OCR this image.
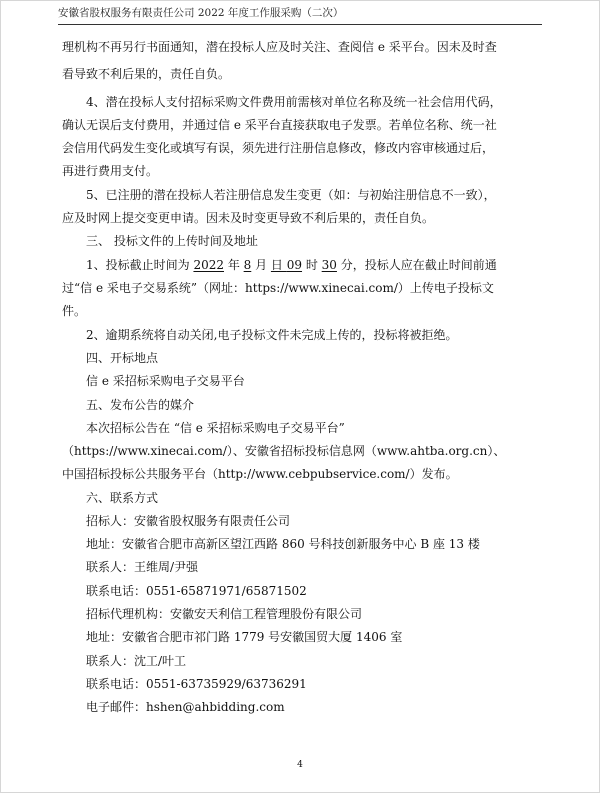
安徽省股权服务有限责任公司 2022 年度工作服采购（二次）
理机构不再另行书面通知，潜在投标人应及时关注、查阅信 e 采平台。因未及时查
看导致不利后果的，责任自负。
4、潜在投标人支付招标采购文件费用前需核对单位名称及统一社会信用代码，
确认无误后支付费用，并通过信 e 采平台直接获取电子发票。若单位名称、统一社
会信用代码发生变化或填写有误，须先进行注册信息修改，修改内容审核通过后，
再进行费用支付。
5、已注册的潜在投标人若注册信息发生变更（如：与初始注册信息不一致），
应及时网上提交变更申请。因未及时变更导致不利后果的，责任自负。
三、 投标文件的上传时间及地址
1、投标截止时间为 2022 年 8 月 日 09 时 30 分，投标人应在截止时间前通
过“信 e 采电子交易系统”（网址：https://www.xinecai.com/）上传电子投标文
件。
2、逾期系统将自动关闭,电子投标文件未完成上传的，投标将被拒绝。
四、开标地点
信 e 采招标采购电子交易平台
五、发布公告的媒介
本次招标公告在 “信 e 采招标采购电子交易平台”
（https://www.xinecai.com/）、安徽省招标投标信息网（www.ahtba.org.cn）、
中国招标投标公共服务平台（http://www.cebpubservice.com/）发布。
六、联系方式
招标人：安徽省股权服务有限责任公司
地址：安徽省合肥市高新区望江西路 860 号科技创新服务中心 B 座 13 楼
联系人：王维周/尹强
联系电话：0551-65871971/65871502
招标代理机构：安徽安天利信工程管理股份有限公司
地址：安徽省合肥市祁门路 1779 号安徽国贸大厦 1406 室
联系人：沈工/叶工
联系电话：0551-63735929/63736291
电子邮件：hshen@ahbidding.com
4
